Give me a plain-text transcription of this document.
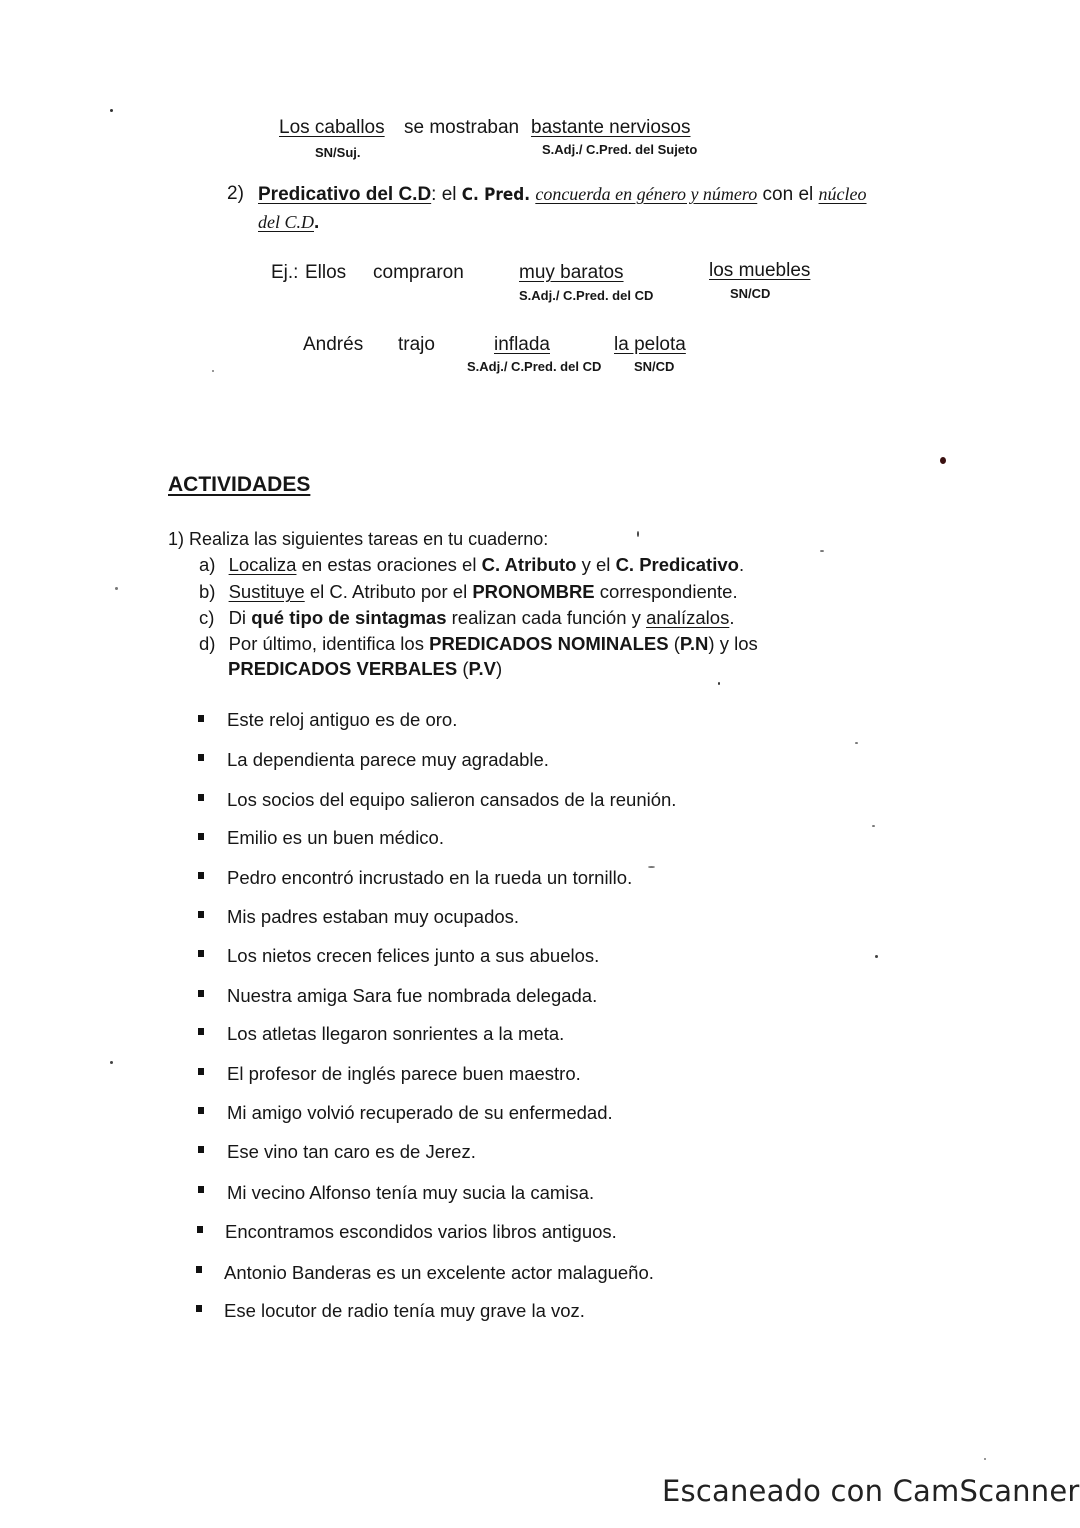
Los caballos se mostraban bastante nerviosos
SN/Suj.	S.Adj./ C.Pred. del Sujeto
2) Predicativo del C.D: el C. Pred. concuerda en género y número con el núcleo
del C.D.
Ej.: Ellos compraron	muy baratos	los muebles
S.Adj./ C.Pred. del CD	SN/CD
Andrés trajo	inflada	la pelota
S.Adj./ C.Pred. del CD	SN/CD
ACTIVIDADES
1) Realiza las siguientes tareas en tu cuaderno:
a) Localiza en estas oraciones el C. Atributo y el C. Predicativo.
b) Sustituye el C. Atributo por el PRONOMBRE correspondiente.
c) Di qué tipo de sintagmas realizan cada función y analízalos.
d) Por último, identifica los PREDICADOS NOMINALES (P.N) y los
PREDICADOS VERBALES (P.V)
Este reloj antiguo es de oro.
La dependienta parece muy agradable.
Los socios del equipo salieron cansados de la reunión.
Emilio es un buen médico.
Pedro encontró incrustado en la rueda un tornillo.
Mis padres estaban muy ocupados.
Los nietos crecen felices junto a sus abuelos.
Nuestra amiga Sara fue nombrada delegada.
Los atletas llegaron sonrientes a la meta.
El profesor de inglés parece buen maestro.
Mi amigo volvió recuperado de su enfermedad.
Ese vino tan caro es de Jerez.
Mi vecino Alfonso tenía muy sucia la camisa.
Encontramos escondidos varios libros antiguos.
Antonio Banderas es un excelente actor malagueño.
Ese locutor de radio tenía muy grave la voz.
Escaneado con CamScanner
